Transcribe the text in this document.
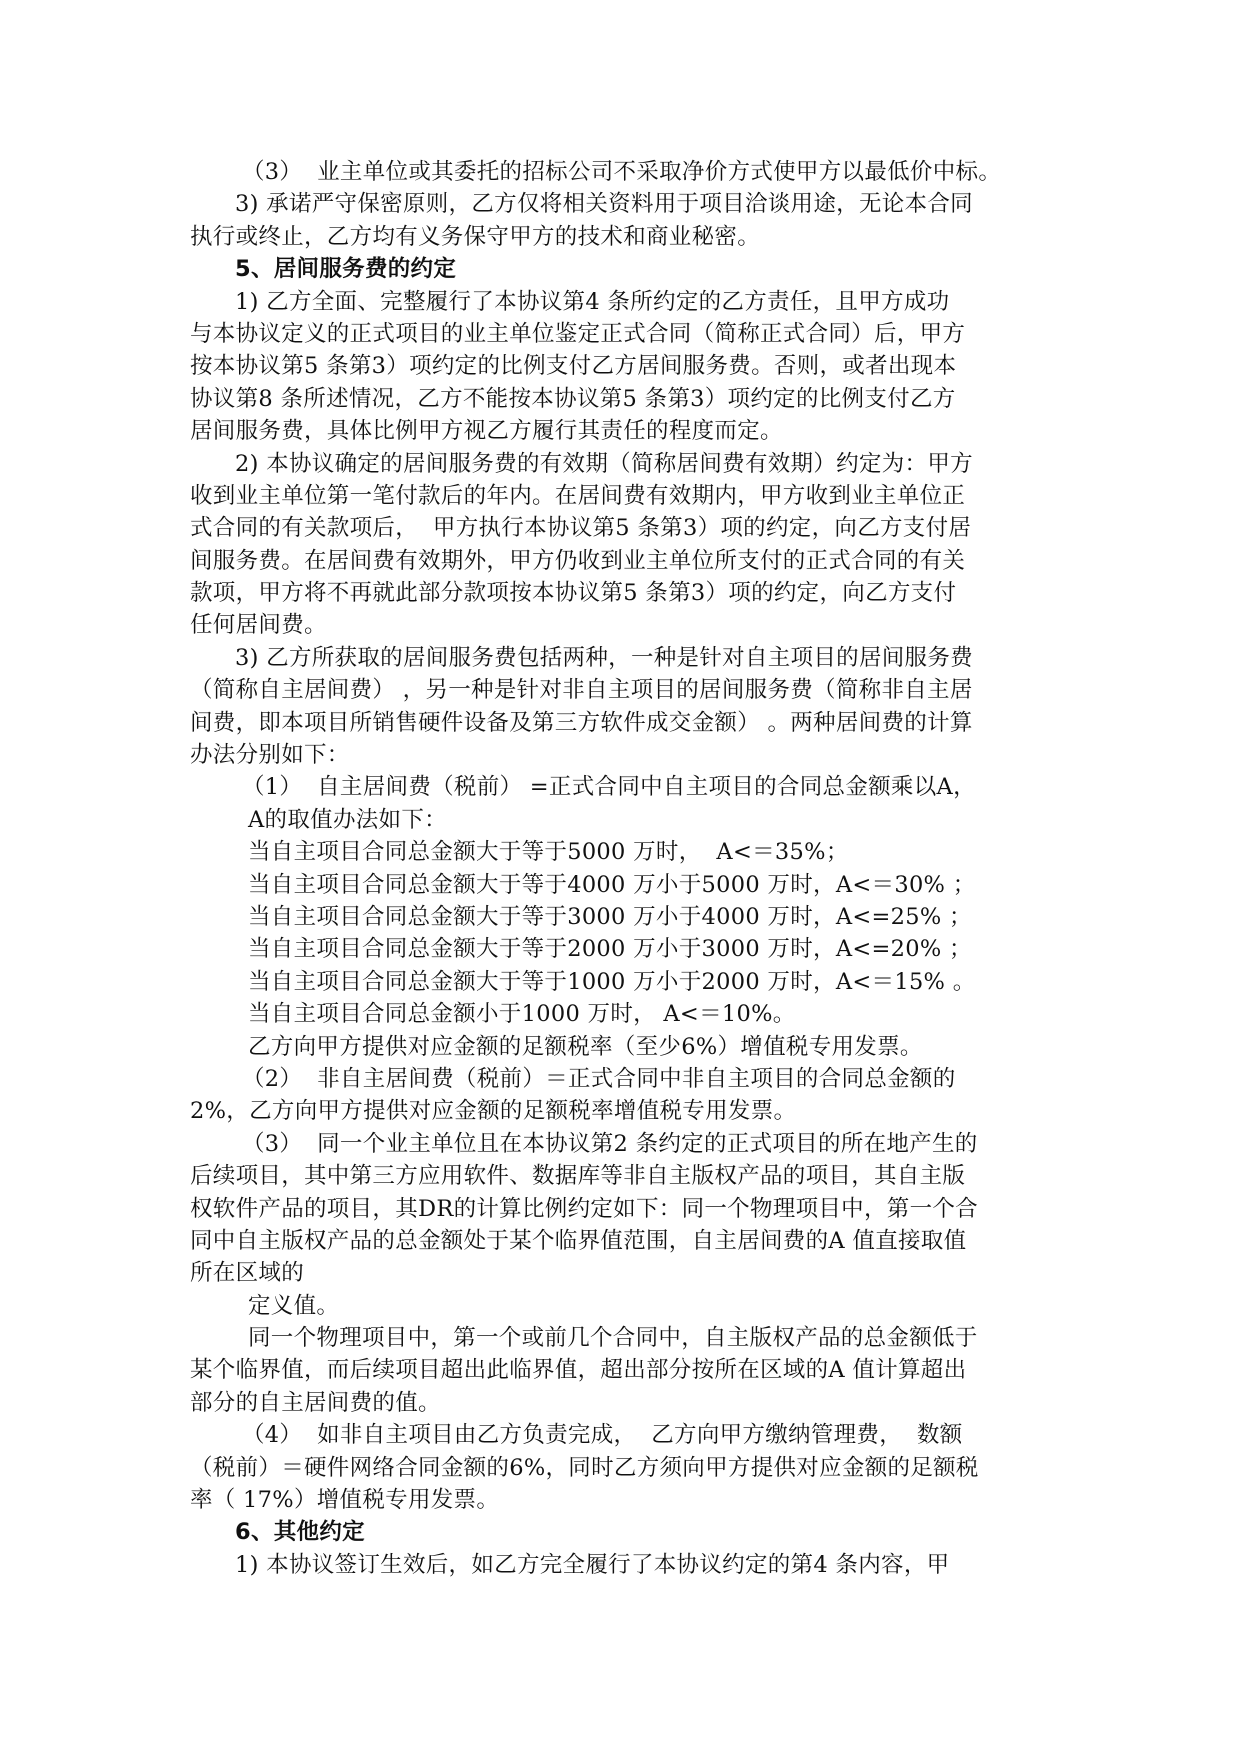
（3）  业主单位或其委托的招标公司不采取净价方式使甲方以最低价中标。
3) 承诺严守保密原则，乙方仅将相关资料用于项目洽谈用途，无论本合同
执行或终止，乙方均有义务保守甲方的技术和商业秘密。
5、居间服务费的约定
1) 乙方全面、完整履行了本协议第4 条所约定的乙方责任，且甲方成功
与本协议定义的正式项目的业主单位鉴定正式合同（简称正式合同）后，甲方
按本协议第5 条第3）项约定的比例支付乙方居间服务费。否则，或者出现本
协议第8 条所述情况，乙方不能按本协议第5 条第3）项约定的比例支付乙方
居间服务费，具体比例甲方视乙方履行其责任的程度而定。
2) 本协议确定的居间服务费的有效期（简称居间费有效期）约定为：甲方
收到业主单位第一笔付款后的年内。在居间费有效期内，甲方收到业主单位正
式合同的有关款项后，  甲方执行本协议第5 条第3）项的约定，向乙方支付居
间服务费。在居间费有效期外，甲方仍收到业主单位所支付的正式合同的有关
款项，甲方将不再就此部分款项按本协议第5 条第3）项的约定，向乙方支付
任何居间费。
3) 乙方所获取的居间服务费包括两种，一种是针对自主项目的居间服务费
（简称自主居间费） ，另一种是针对非自主项目的居间服务费（简称非自主居
间费，即本项目所销售硬件设备及第三方软件成交金额） 。两种居间费的计算
办法分别如下：
（1）  自主居间费（税前） =正式合同中自主项目的合同总金额乘以A，
A的取值办法如下：
当自主项目合同总金额大于等于5000 万时，  A<＝35%；
当自主项目合同总金额大于等于4000 万小于5000 万时，A<＝30% ；
当自主项目合同总金额大于等于3000 万小于4000 万时，A<=25% ；
当自主项目合同总金额大于等于2000 万小于3000 万时，A<=20% ；
当自主项目合同总金额大于等于1000 万小于2000 万时，A<＝15% 。
当自主项目合同总金额小于1000 万时， A<＝10%。
乙方向甲方提供对应金额的足额税率（至少6%）增值税专用发票。
（2）  非自主居间费（税前）＝正式合同中非自主项目的合同总金额的
2%，乙方向甲方提供对应金额的足额税率增值税专用发票。
（3）  同一个业主单位且在本协议第2 条约定的正式项目的所在地产生的
后续项目，其中第三方应用软件、数据库等非自主版权产品的项目，其自主版
权软件产品的项目，其DR的计算比例约定如下：同一个物理项目中，第一个合
同中自主版权产品的总金额处于某个临界值范围，自主居间费的A 值直接取值
所在区域的
定义值。
同一个物理项目中，第一个或前几个合同中，自主版权产品的总金额低于
某个临界值，而后续项目超出此临界值，超出部分按所在区域的A 值计算超出
部分的自主居间费的值。
（4）  如非自主项目由乙方负责完成，  乙方向甲方缴纳管理费，  数额
（税前）＝硬件网络合同金额的6%，同时乙方须向甲方提供对应金额的足额税
率（ 17%）增值税专用发票。
6、其他约定
1) 本协议签订生效后，如乙方完全履行了本协议约定的第4 条内容，甲
